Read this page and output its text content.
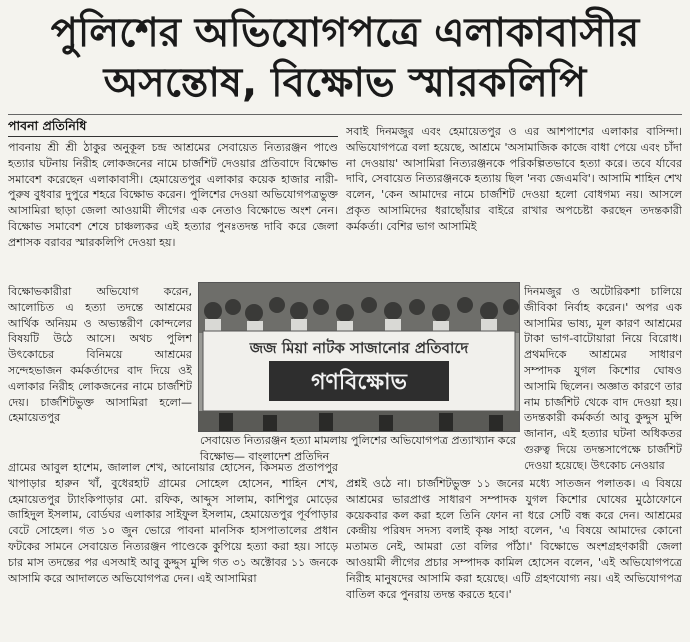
পুলিশের অভিযোগপত্রে এলাকাবাসীর
অসন্তোষ, বিক্ষোভ স্মারকলিপি
পাবনা প্রতিনিধি

পাবনায় শ্রী শ্রী ঠাকুর অনুকূল চন্দ্র আশ্রমের সেবায়েত নিত্যরঞ্জন পাণ্ডে হত্যার ঘটনায় নিরীহ লোকজনের নামে চার্জশিট দেওয়ার প্রতিবাদে বিক্ষোভ সমাবেশ করেছেন এলাকাবাসী। হেমায়েতপুর এলাকার কয়েক হাজার নারী-পুরুষ বুধবার দুপুরে শহরে বিক্ষোভ করেন। পুলিশের দেওয়া অভিযোগপত্রভুক্ত আসামিরা ছাড়া জেলা আওয়ামী লীগের এক নেতাও বিক্ষোভে অংশ নেন। বিক্ষোভ সমাবেশ শেষে চাঞ্চল্যকর এই হত্যার পুনঃতদন্ত দাবি করে জেলা প্রশাসক বরাবর স্মারকলিপি দেওয়া হয়।

বিক্ষোভকারীরা অভিযোগ করেন, আলোচিত এ হত্যা তদন্তে আশ্রমের আর্থিক অনিয়ম ও অভ্যন্তরীণ কোন্দলের বিষয়টি উঠে আসে। অথচ পুলিশ উৎকোচের বিনিময়ে আশ্রমের সন্দেহভাজন কর্মকর্তাদের বাদ দিয়ে ওই এলাকার নিরীহ লোকজনের নামে চার্জশিট দেয়। চার্জশিটভুক্ত আসামিরা হলো— হেমায়েতপুর

গ্রামের আবুল হাশেম, জালাল শেখ, আনোয়ার হোসেন, কিসমত প্রতাপপুর খাপাড়ার হারুন খাঁ, বুধেরহাট গ্রামের সোহেল হোসেন, শাহিন শেখ, হেমায়েতপুর ট্যাংকিপাড়ার মো. রফিক, আব্দুস সালাম, কাশিপুর মোড়ের জাহিদুল ইসলাম, বোর্ডঘর এলাকার সাইফুল ইসলাম, হেমায়েতপুর পূর্বপাড়ার বেটে সোহেল। গত ১০ জুন ভোরে পাবনা মানসিক হাসপাতালের প্রধান ফটকের সামনে সেবায়েত নিত্যরঞ্জন পাণ্ডেকে কুপিয়ে হত্যা করা হয়। সাড়ে চার মাস তদন্তের পর এসআই আবু কুদ্দুস মুন্সি গত ৩১ অক্টোবর ১১ জনকে আসামি করে আদালতে অভিযোগপত্র দেন। এই আসামিরা

সবাই দিনমজুর এবং হেমায়েতপুর ও এর আশপাশের এলাকার বাসিন্দা। অভিযোগপত্রে বলা হয়েছে, আশ্রমে 'অসামাজিক কাজে বাধা পেয়ে এবং চাঁদা না দেওয়ায়' আসামিরা নিত্যরঞ্জনকে পরিকল্পিতভাবে হত্যা করে। তবে র্যাবের দাবি, সেবায়েত নিত্যরঞ্জনকে হত্যায় ছিল 'নব্য জেএমবি'। আসামি শাহিন শেখ বলেন, 'কেন আমাদের নামে চার্জশিট দেওয়া হলো বোধগম্য নয়। আসলে প্রকৃত আসামিদের ধরাছোঁয়ার বাইরে রাখার অপচেষ্টা করছেন তদন্তকারী কর্মকর্তা। বেশির ভাগ আসামিই

দিনমজুর ও অটোরিকশা চালিয়ে জীবিকা নির্বাহ করেন।' অপর এক আসামির ভাষ্য, মূল কারণ আশ্রমের টাকা ভাগ-বাটোয়ারা নিয়ে বিরোধ। প্রথমদিকে আশ্রমের সাধারণ সম্পাদক যুগল কিশোর ঘোষও আসামি ছিলেন। অজ্ঞাত কারণে তার নাম চার্জশিট থেকে বাদ দেওয়া হয়। তদন্তকারী কর্মকর্তা আবু কুদ্দুস মুন্সি জানান, এই হত্যার ঘটনা অধিকতর গুরুত্ব দিয়ে তদন্তসাপেক্ষে চার্জশিট দেওয়া হয়েছে। উৎকোচ নেওয়ার

প্রশ্নই ওঠে না। চার্জশিটভুক্ত ১১ জনের মধ্যে সাতজন পলাতক। এ বিষয়ে আশ্রমের ভারপ্রাপ্ত সাধারণ সম্পাদক যুগল কিশোর ঘোষের মুঠোফোনে কয়েকবার কল করা হলে তিনি ফোন না ধরে সেটি বন্ধ করে দেন। আশ্রমের কেন্দ্রীয় পরিষদ সদস্য বলাই কৃষ্ণ সাহা বলেন, 'এ বিষয়ে আমাদের কোনো মতামত নেই, আমরা তো বলির পাঁঠা।' বিক্ষোভে অংশগ্রহণকারী জেলা আওয়ামী লীগের প্রচার সম্পাদক কামিল হোসেন বলেন, 'এই অভিযোগপত্রে নিরীহ মানুষদের আসামি করা হয়েছে। এটি গ্রহণযোগ্য নয়। এই অভিযোগপত্র বাতিল করে পুনরায় তদন্ত করতে হবে।'

জজ মিয়া নাটক সাজানোর প্রতিবাদে
গণবিক্ষোভ

সেবায়েত নিত্যরঞ্জন হত্যা মামলায় পুলিশের অভিযোগপত্র প্রত্যাখ্যান করে বিক্ষোভ— বাংলাদেশ প্রতিদিন
